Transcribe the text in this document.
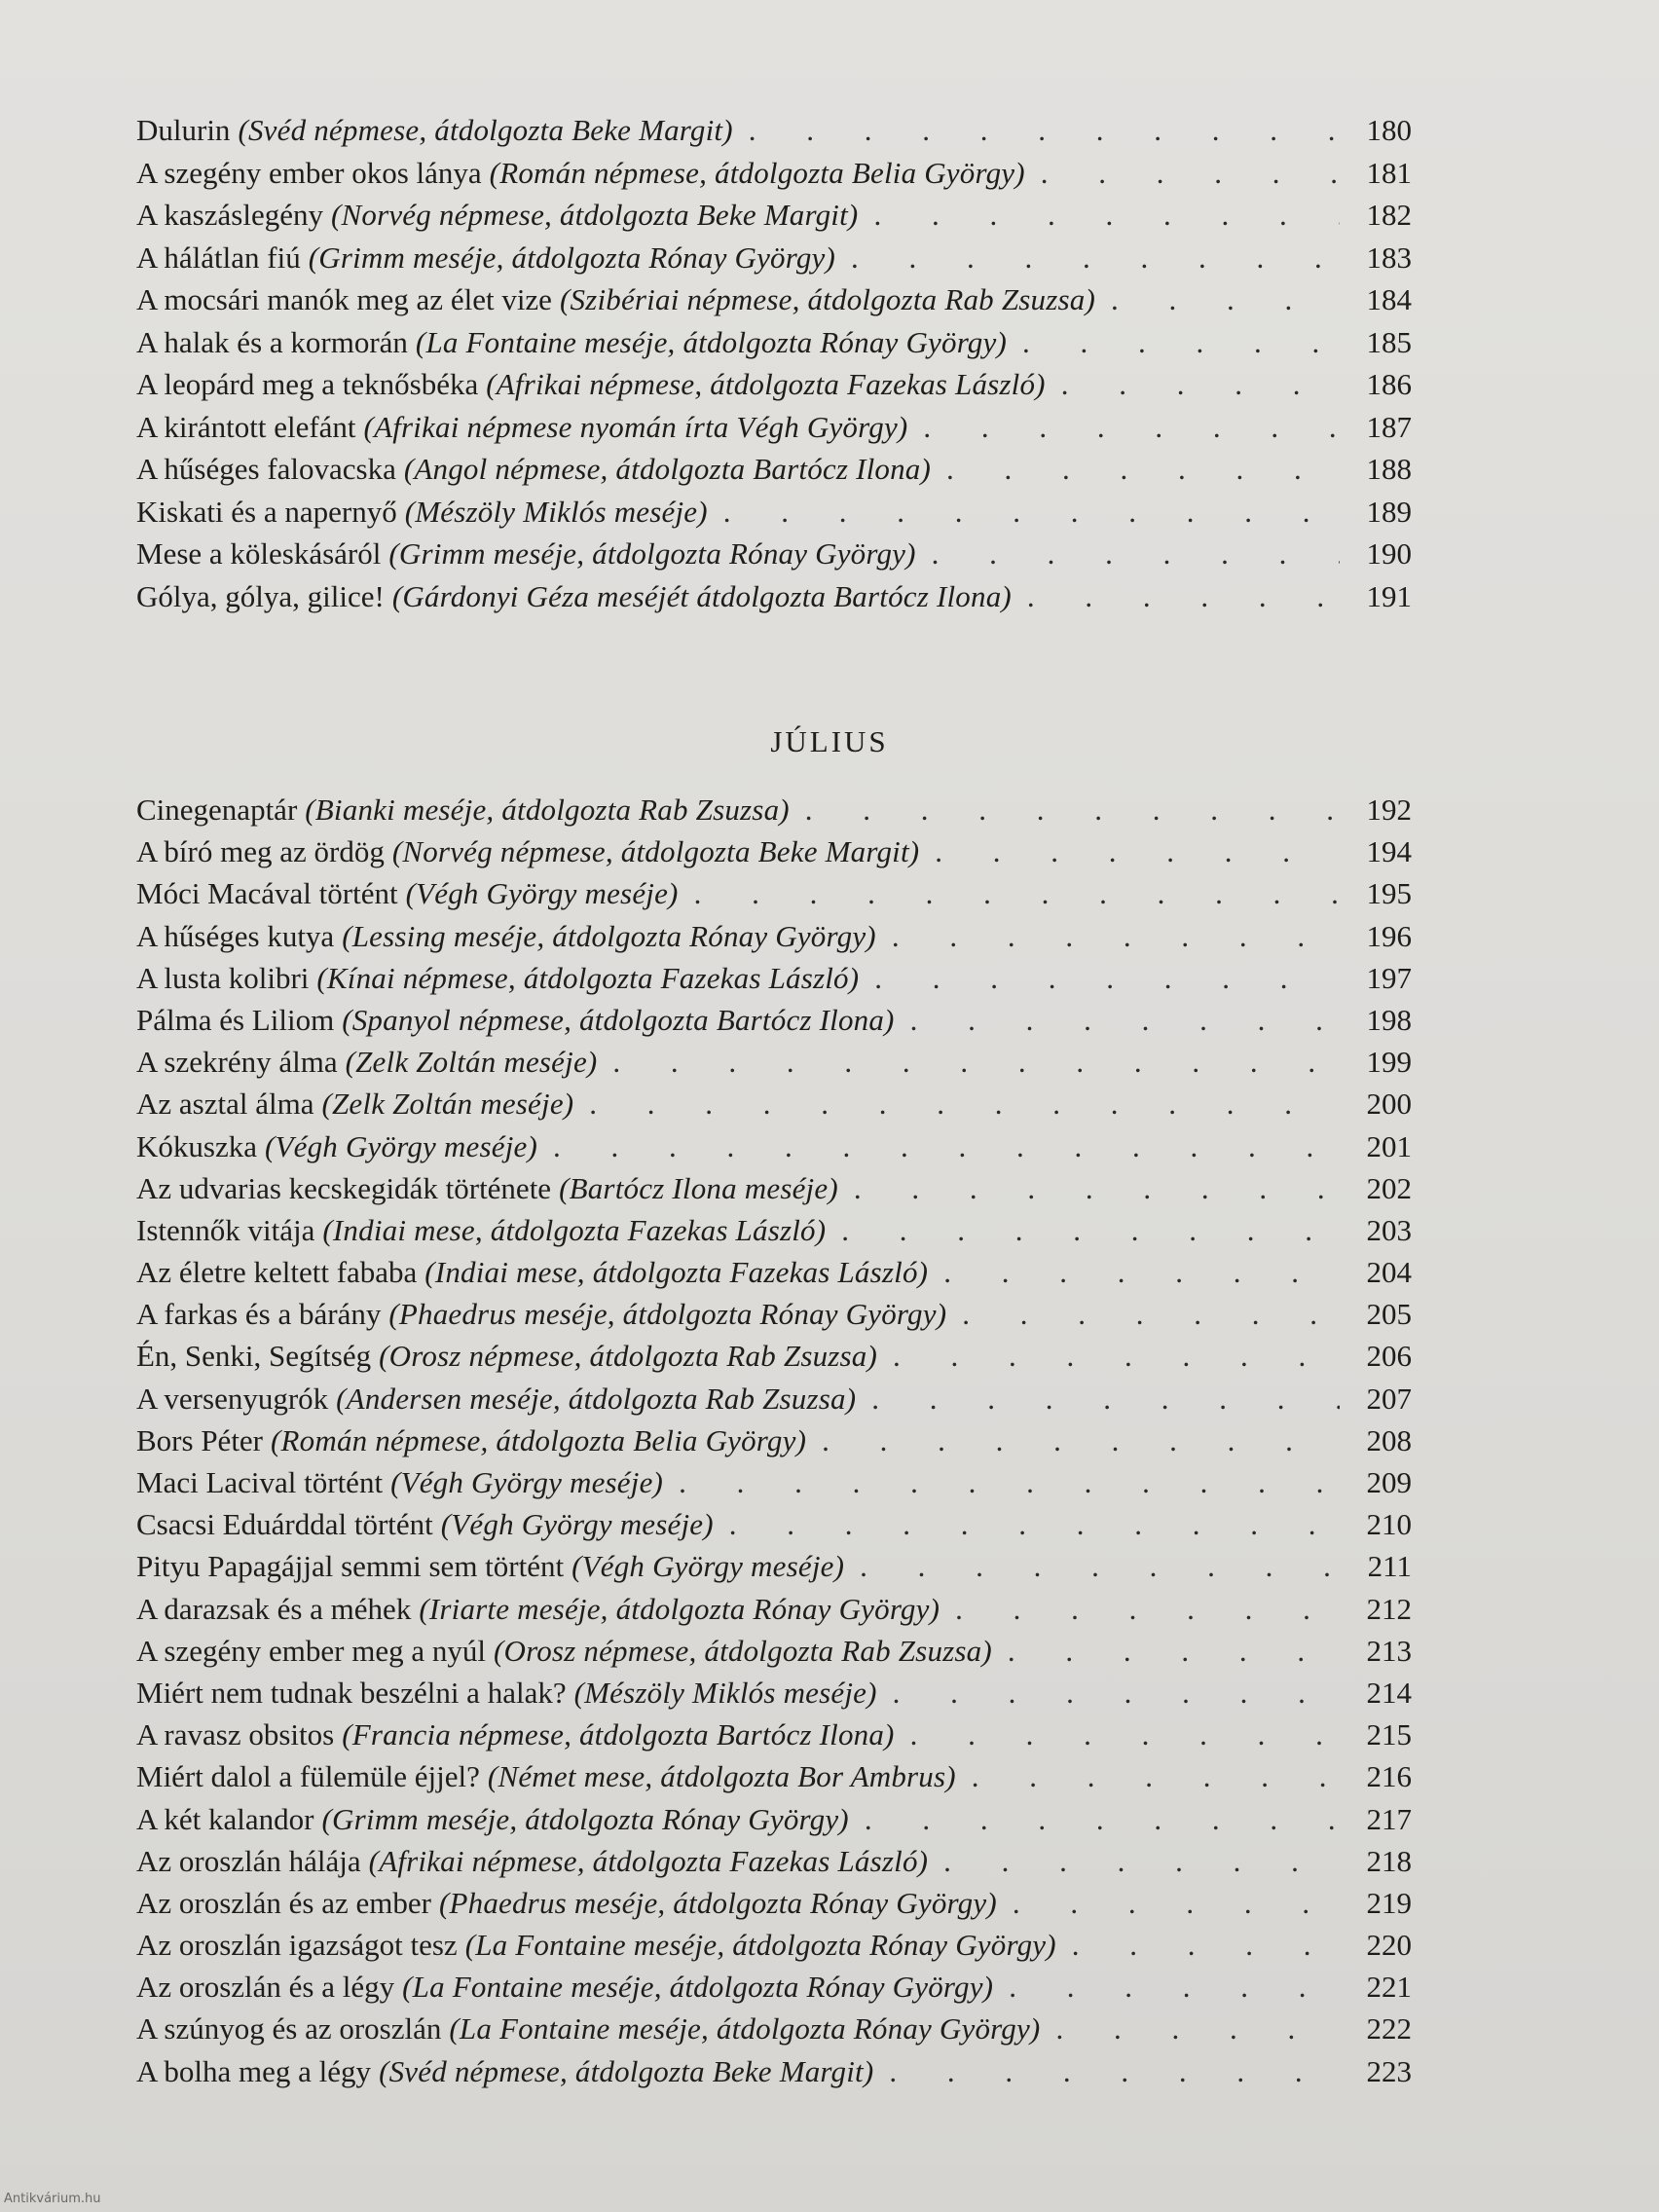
Dulurin (Svéd népmese, átdolgozta Beke Margit) . . .	180
A szegény ember okos lánya (Román népmese, átdolgozta Belia György) . . .	181
A kaszáslegény (Norvég népmese, átdolgozta Beke Margit) . . .	182
A hálátlan fiú (Grimm meséje, átdolgozta Rónay György) . . .	183
A mocsári manók meg az élet vize (Szibériai népmese, átdolgozta Rab Zsuzsa) . . .	184
A halak és a kormorán (La Fontaine meséje, átdolgozta Rónay György) . . .	185
A leopárd meg a teknősbéka (Afrikai népmese, átdolgozta Fazekas László) . . .	186
A kirántott elefánt (Afrikai népmese nyomán írta Végh György) . . .	187
A hűséges falovacska (Angol népmese, átdolgozta Bartócz Ilona) . . .	188
Kiskati és a napernyő (Mészöly Miklós meséje) . . .	189
Mese a köleskásáról (Grimm meséje, átdolgozta Rónay György) . . .	190
Gólya, gólya, gilice! (Gárdonyi Géza meséjét átdolgozta Bartócz Ilona) . . .	191
JÚLIUS
Cinegenaptár (Bianki meséje, átdolgozta Rab Zsuzsa) . . .	192
A bíró meg az ördög (Norvég népmese, átdolgozta Beke Margit) . . .	194
Móci Macával történt (Végh György meséje) . . .	195
A hűséges kutya (Lessing meséje, átdolgozta Rónay György) . . .	196
A lusta kolibri (Kínai népmese, átdolgozta Fazekas László) . . .	197
Pálma és Liliom (Spanyol népmese, átdolgozta Bartócz Ilona) . . .	198
A szekrény álma (Zelk Zoltán meséje) . . .	199
Az asztal álma (Zelk Zoltán meséje) . . .	200
Kókuszka (Végh György meséje) . . .	201
Az udvarias kecskegidák története (Bartócz Ilona meséje) . . .	202
Istennők vitája (Indiai mese, átdolgozta Fazekas László) . . .	203
Az életre keltett fababa (Indiai mese, átdolgozta Fazekas László) . . .	204
A farkas és a bárány (Phaedrus meséje, átdolgozta Rónay György) . . .	205
Én, Senki, Segítség (Orosz népmese, átdolgozta Rab Zsuzsa) . . .	206
A versenyugrók (Andersen meséje, átdolgozta Rab Zsuzsa) . . .	207
Bors Péter (Román népmese, átdolgozta Belia György) . . .	208
Maci Lacival történt (Végh György meséje) . . .	209
Csacsi Eduárddal történt (Végh György meséje) . . .	210
Pityu Papagájjal semmi sem történt (Végh György meséje) . . .	211
A darazsak és a méhek (Iriarte meséje, átdolgozta Rónay György) . . .	212
A szegény ember meg a nyúl (Orosz népmese, átdolgozta Rab Zsuzsa) . . .	213
Miért nem tudnak beszélni a halak? (Mészöly Miklós meséje) . . .	214
A ravasz obsitos (Francia népmese, átdolgozta Bartócz Ilona) . . .	215
Miért dalol a fülemüle éjjel? (Német mese, átdolgozta Bor Ambrus) . . .	216
A két kalandor (Grimm meséje, átdolgozta Rónay György) . . .	217
Az oroszlán hálája (Afrikai népmese, átdolgozta Fazekas László) . . .	218
Az oroszlán és az ember (Phaedrus meséje, átdolgozta Rónay György) . . .	219
Az oroszlán igazságot tesz (La Fontaine meséje, átdolgozta Rónay György) . . .	220
Az oroszlán és a légy (La Fontaine meséje, átdolgozta Rónay György) . . .	221
A szúnyog és az oroszlán (La Fontaine meséje, átdolgozta Rónay György) . . .	222
A bolha meg a légy (Svéd népmese, átdolgozta Beke Margit) . . .	223
Antikvárium.hu
